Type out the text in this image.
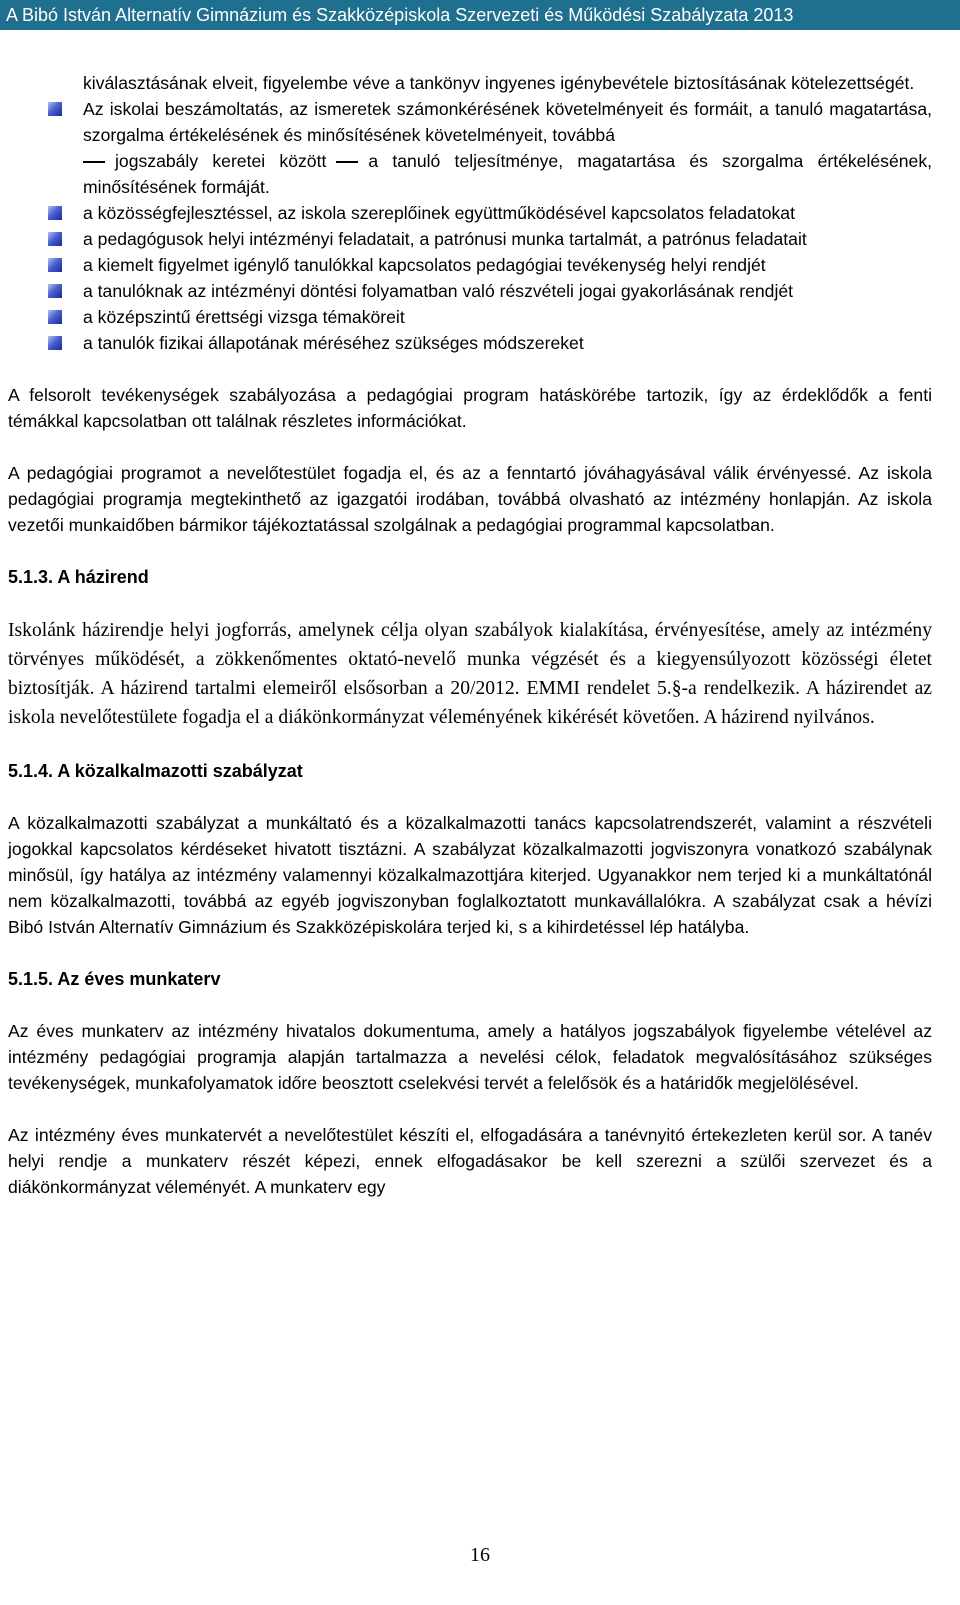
A Bibó István Alternatív Gimnázium és Szakközépiskola Szervezeti és Működési Szabályzata 2013

kiválasztásának elveit, figyelembe véve a tankönyv ingyenes igénybevétele biztosításának kötelezettségét.

Az iskolai beszámoltatás, az ismeretek számonkérésének követelményeit és formáit, a tanuló magatartása, szorgalma értékelésének és minősítésének követelményeit, továbbá

jogszabály keretei között a tanuló teljesítménye, magatartása és szorgalma értékelésének, minősítésének formáját.

a közösségfejlesztéssel, az iskola szereplőinek együttműködésével kapcsolatos feladatokat

a pedagógusok helyi intézményi feladatait, a patrónusi munka tartalmát, a patrónus feladatait

a kiemelt figyelmet igénylő tanulókkal kapcsolatos pedagógiai tevékenység helyi rendjét

a tanulóknak az intézményi döntési folyamatban való részvételi jogai gyakorlásának rendjét

a középszintű érettségi vizsga témaköreit

a tanulók fizikai állapotának méréséhez szükséges módszereket

A felsorolt tevékenységek szabályozása a pedagógiai program hatáskörébe tartozik, így az érdeklődők a fenti témákkal kapcsolatban ott találnak részletes információkat.

A pedagógiai programot a nevelőtestület fogadja el, és az a fenntartó jóváhagyásával válik érvényessé. Az iskola pedagógiai programja megtekinthető az igazgatói irodában, továbbá olvasható az intézmény honlapján. Az iskola vezetői munkaidőben bármikor tájékoztatással szolgálnak a pedagógiai programmal kapcsolatban.

5.1.3. A házirend

Iskolánk házirendje helyi jogforrás, amelynek célja olyan szabályok kialakítása, érvényesítése, amely az intézmény törvényes működését, a zökkenőmentes oktató-nevelő munka végzését és a kiegyensúlyozott közösségi életet biztosítják. A házirend tartalmi elemeiről elsősorban a 20/2012. EMMI rendelet 5.§-a rendelkezik. A házirendet az iskola nevelőtestülete fogadja el a diákönkormányzat véleményének kikérését követően. A házirend nyilvános.

5.1.4. A közalkalmazotti szabályzat

A közalkalmazotti szabályzat a munkáltató és a közalkalmazotti tanács kapcsolatrendszerét, valamint a részvételi jogokkal kapcsolatos kérdéseket hivatott tisztázni. A szabályzat közalkalmazotti jogviszonyra vonatkozó szabálynak minősül, így hatálya az intézmény valamennyi közalkalmazottjára kiterjed. Ugyanakkor nem terjed ki a munkáltatónál nem közalkalmazotti, továbbá az egyéb jogviszonyban foglalkoztatott munkavállalókra. A szabályzat csak a hévízi Bibó István Alternatív Gimnázium és Szakközépiskolára terjed ki, s a kihirdetéssel lép hatályba.

5.1.5. Az éves munkaterv

Az éves munkaterv az intézmény hivatalos dokumentuma, amely a hatályos jogszabályok figyelembe vételével az intézmény pedagógiai programja alapján tartalmazza a nevelési célok, feladatok megvalósításához szükséges tevékenységek, munkafolyamatok időre beosztott cselekvési tervét a felelősök és a határidők megjelölésével.

Az intézmény éves munkatervét a nevelőtestület készíti el, elfogadására a tanévnyitó értekezleten kerül sor. A tanév helyi rendje a munkaterv részét képezi, ennek elfogadásakor be kell szerezni a szülői szervezet és a diákönkormányzat véleményét. A munkaterv egy

16
